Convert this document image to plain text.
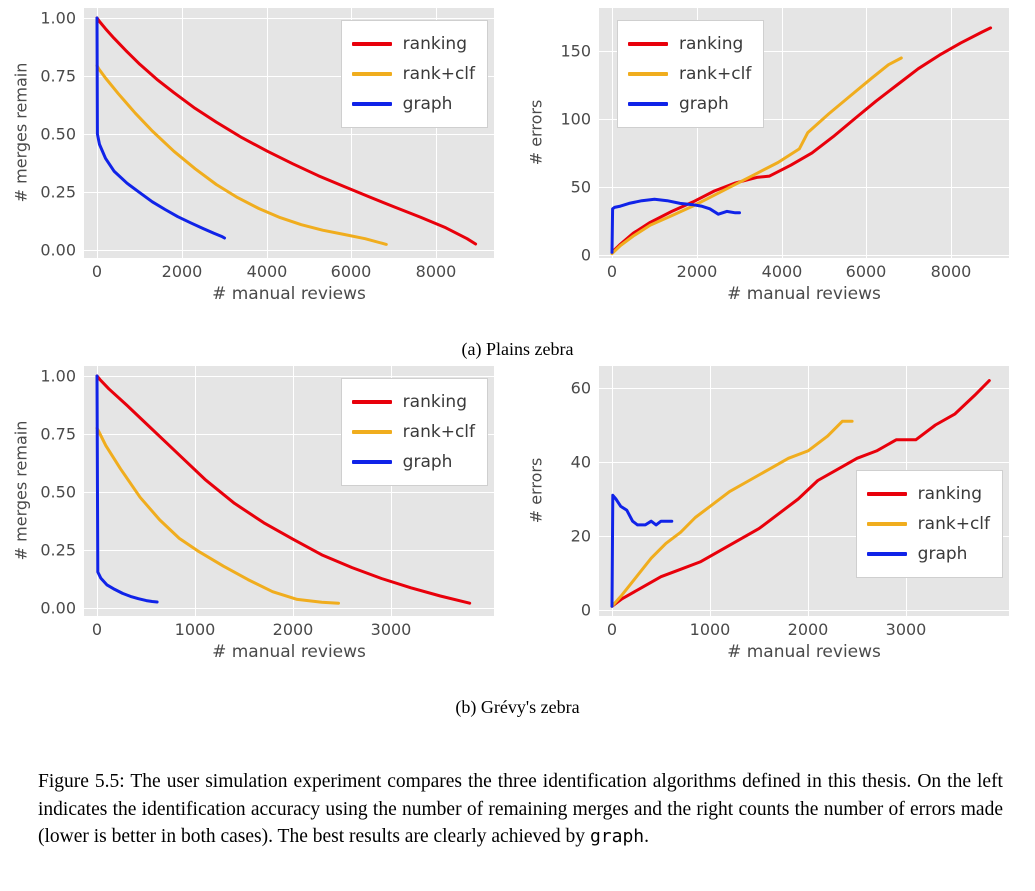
# merges remain
0.00
0.25
0.50
0.75
1.00
ranking
rank+clf
graph
0	2000	4000	6000	8000
# manual reviews
# errors
0
50
100
150	ranking
rank+clf
graph
0	2000	4000	6000	8000
# manual reviews
(a) Plains zebra
# merges remain
0.00
0.25
0.50
0.75
1.00
ranking
rank+clf
graph
0	1000	2000	3000
# manual reviews
# errors
0
20
40
60
ranking
rank+clf
graph
0	1000	2000	3000
# manual reviews
(b) Grévy's zebra
Figure 5.5: The user simulation experiment compares the three identification algorithms defined in this thesis. On the left indicates the identification accuracy using the number of remaining merges and the right counts the number of errors made (lower is better in both cases). The best results are clearly achieved by graph.
